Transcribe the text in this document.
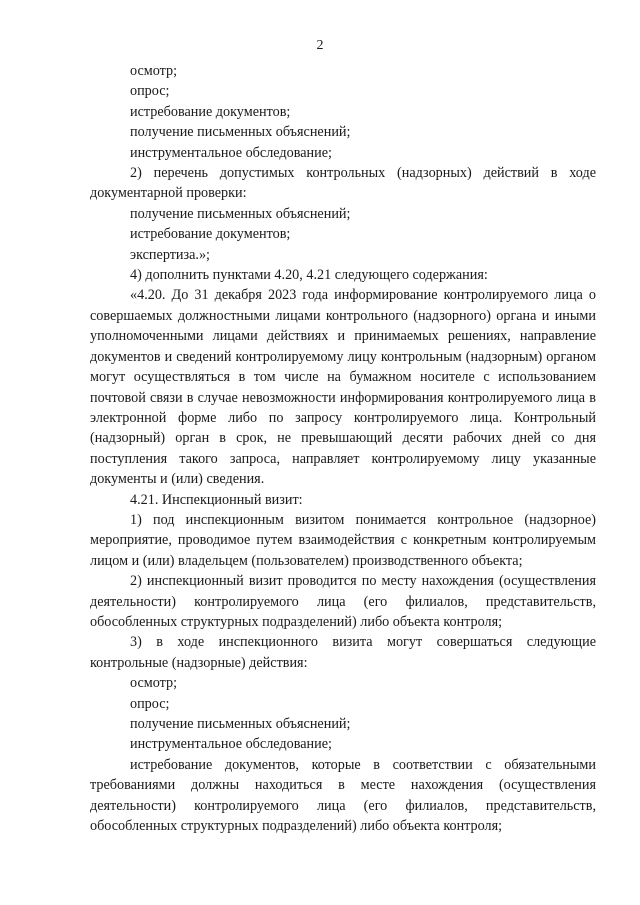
2

осмотр;

опрос;

истребование документов;

получение письменных объяснений;

инструментальное обследование;

2) перечень допустимых контрольных (надзорных) действий в ходе документарной проверки:

получение письменных объяснений;

истребование документов;

экспертиза.»;

4) дополнить пунктами 4.20, 4.21 следующего содержания:

«4.20. До 31 декабря 2023 года информирование контролируемого лица о совершаемых должностными лицами контрольного (надзорного) органа и иными уполномоченными лицами действиях и принимаемых решениях, направление документов и сведений контролируемому лицу контрольным (надзорным) органом могут осуществляться в том числе на бумажном носителе с использованием почтовой связи в случае невозможности информирования контролируемого лица в электронной форме либо по запросу контролируемого лица. Контрольный (надзорный) орган в срок, не превышающий десяти рабочих дней со дня поступления такого запроса, направляет контролируемому лицу указанные документы и (или) сведения.

4.21. Инспекционный визит:

1) под инспекционным визитом понимается контрольное (надзорное) мероприятие, проводимое путем взаимодействия с конкретным контролируемым лицом и (или) владельцем (пользователем) производственного объекта;

2) инспекционный визит проводится по месту нахождения (осуществления деятельности) контролируемого лица (его филиалов, представительств, обособленных структурных подразделений) либо объекта контроля;

3) в ходе инспекционного визита могут совершаться следующие контрольные (надзорные) действия:

осмотр;

опрос;

получение письменных объяснений;

инструментальное обследование;

истребование документов, которые в соответствии с обязательными требованиями должны находиться в месте нахождения (осуществления деятельности) контролируемого лица (его филиалов, представительств, обособленных структурных подразделений) либо объекта контроля;
